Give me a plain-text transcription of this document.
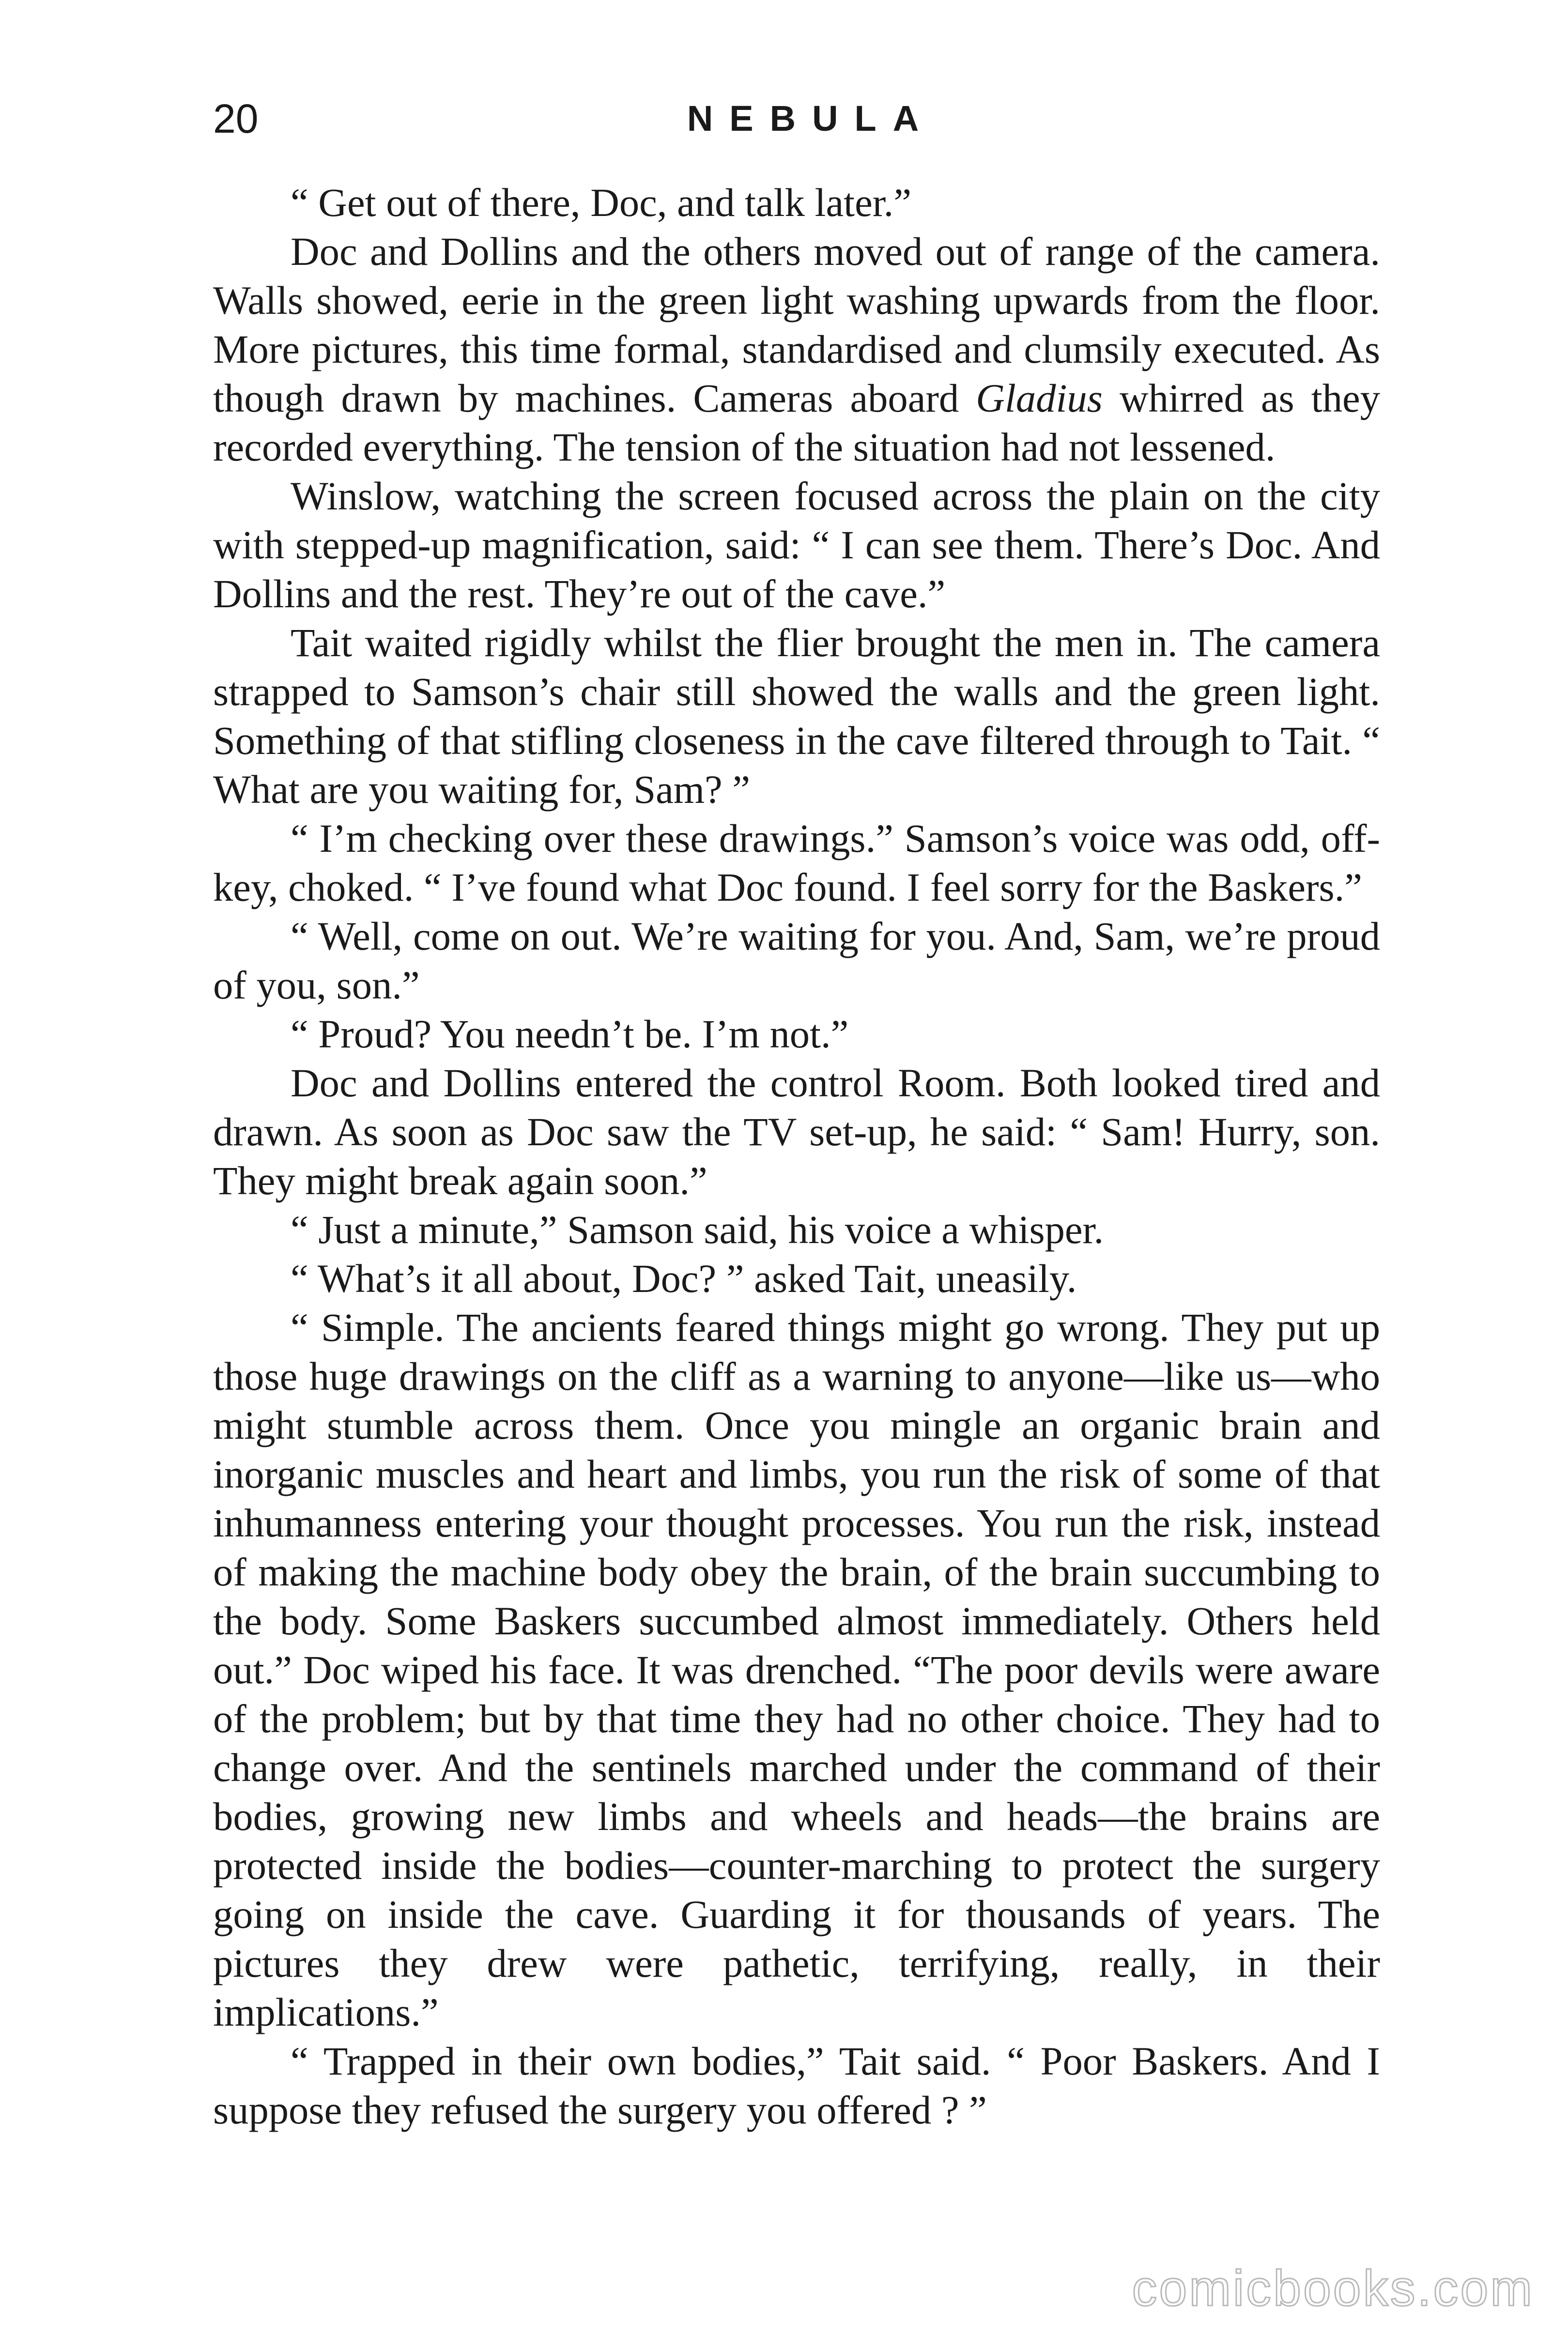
20	NEBULA

“ Get out of there, Doc, and talk later.”

Doc and Dollins and the others moved out of range of the camera. Walls showed, eerie in the green light washing upwards from the floor. More pictures, this time formal, standardised and clumsily executed. As though drawn by machines. Cameras aboard Gladius whirred as they recorded everything. The tension of the situation had not lessened.

Winslow, watching the screen focused across the plain on the city with stepped-up magnification, said: “ I can see them. There’s Doc. And Dollins and the rest. They’re out of the cave.”

Tait waited rigidly whilst the flier brought the men in. The camera strapped to Samson’s chair still showed the walls and the green light. Something of that stifling closeness in the cave filtered through to Tait. “ What are you waiting for, Sam? ”

“ I’m checking over these drawings.” Samson’s voice was odd, off-key, choked. “ I’ve found what Doc found. I feel sorry for the Baskers.”

“ Well, come on out. We’re waiting for you. And, Sam, we’re proud of you, son.”

“ Proud? You needn’t be. I’m not.”

Doc and Dollins entered the control Room. Both looked tired and drawn. As soon as Doc saw the TV set-up, he said: “ Sam! Hurry, son. They might break again soon.”

“ Just a minute,” Samson said, his voice a whisper.

“ What’s it all about, Doc? ” asked Tait, uneasily.

“ Simple. The ancients feared things might go wrong. They put up those huge drawings on the cliff as a warning to anyone—like us—who might stumble across them. Once you mingle an organic brain and inorganic muscles and heart and limbs, you run the risk of some of that inhumanness entering your thought processes. You run the risk, instead of making the machine body obey the brain, of the brain succumbing to the body. Some Baskers succumbed almost immediately. Others held out.” Doc wiped his face. It was drenched. “The poor devils were aware of the problem; but by that time they had no other choice. They had to change over. And the sentinels marched under the command of their bodies, growing new limbs and wheels and heads—the brains are protected inside the bodies—counter-marching to protect the surgery going on inside the cave. Guarding it for thousands of years. The pictures they drew were pathetic, terrifying, really, in their implications.”

“ Trapped in their own bodies,” Tait said. “ Poor Baskers. And I suppose they refused the surgery you offered ? ”

comicbooks.com
